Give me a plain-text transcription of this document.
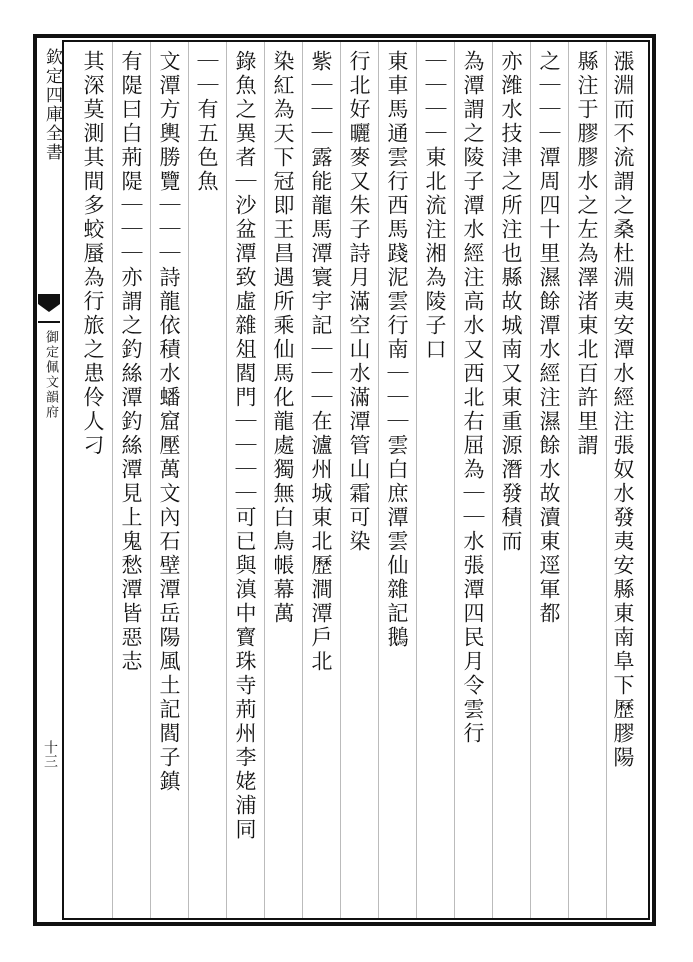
欽定四庫全書
御定佩文韻府
十三	漲淵而不流謂之桑杜淵夷安潭水經注張奴水發夷安縣東南阜下歷膠陽
縣注于膠膠水之左為澤渚東北百許里謂
之｜｜｜潭周四十里濕餘潭水經注濕餘水故瀆東逕軍都
亦潍水技津之所注也縣故城南又東重源潛發積而
為潭謂之陵子潭水經注高水又西北右屈為｜｜水張潭四民月令雲行
｜｜｜｜東北流注湘為陵子口
東車馬通雲行西馬踐泥雲行南｜｜｜雲白庶潭雲仙雜記鵝
行北好曬麥又朱子詩月滿空山水滿潭管山霜可染
紫｜｜｜露能龍馬潭寰宇記｜｜｜在瀘州城東北歷澗潭戶北
染紅為天下冠即王昌遇所乘仙馬化龍處獨無白鳥帳幕萬
錄魚之異者｜沙盆潭致虛雜俎閻門｜｜｜｜可已與滇中寳珠寺荊州李姥浦同
｜｜有五色魚
文潭方輿勝覽｜｜｜詩龍依積水蟠窟壓萬文內石壁潭岳陽風土記閻子鎮
有隄曰白荊隄｜｜｜亦謂之釣絲潭釣絲潭見上鬼愁潭皆惡志
其深莫測其間多蛟蜃為行旅之患伶人刁
